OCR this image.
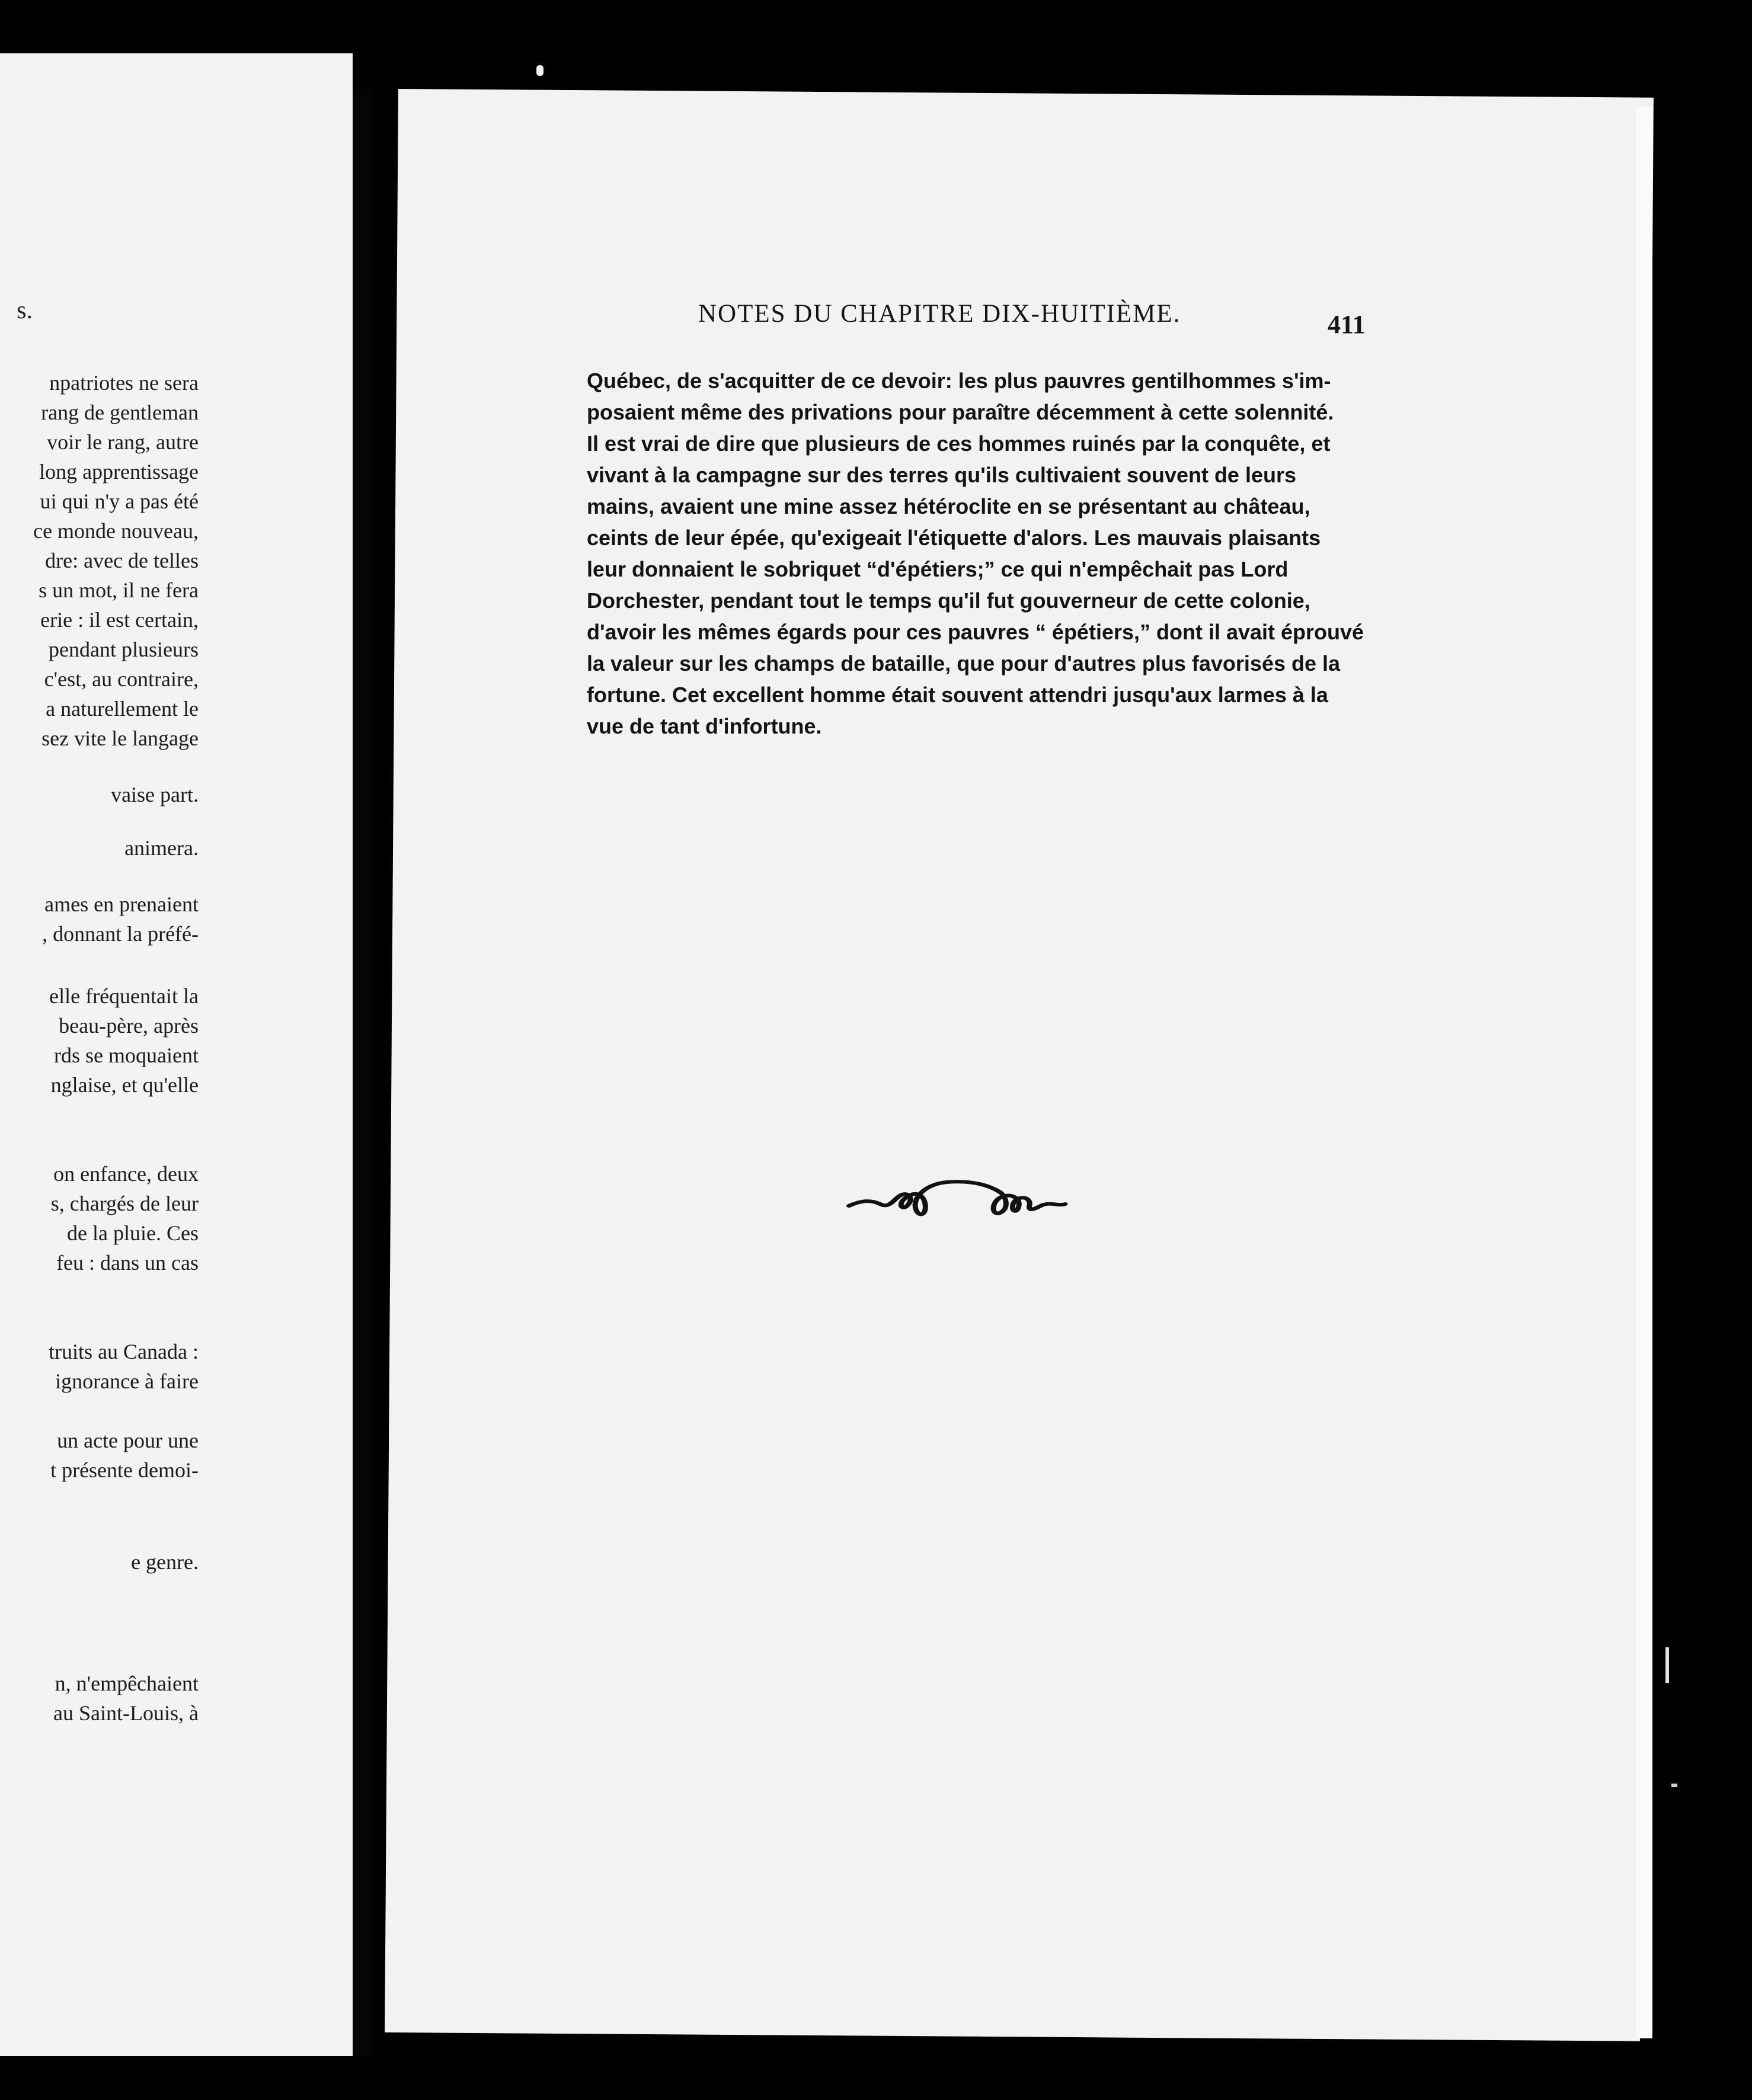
s.
npatriotes ne sera
rang de gentleman
voir le rang, autre
long apprentissage
ui qui n'y a pas été
ce monde nouveau,
dre: avec de telles
s un mot, il ne fera
erie : il est certain,
pendant plusieurs
c'est, au contraire,
a naturellement le
sez vite le langage
vaise part.
animera.
ames en prenaient
, donnant la préfé-
elle fréquentait la
beau-père, après
rds se moquaient
nglaise, et qu'elle
on enfance, deux
s, chargés de leur
de la pluie. Ces
feu : dans un cas
truits au Canada :
ignorance à faire
un acte pour une
t présente demoi-
e genre.
n, n'empêchaient
au Saint-Louis, à
NOTES DU CHAPITRE DIX-HUITIÈME.	411
Québec, de s'acquitter de ce devoir: les plus pauvres gentilhommes s'im-
posaient même des privations pour paraître décemment à cette solennité.
Il est vrai de dire que plusieurs de ces hommes ruinés par la conquête, et
vivant à la campagne sur des terres qu'ils cultivaient souvent de leurs
mains, avaient une mine assez hétéroclite en se présentant au château,
ceints de leur épée, qu'exigeait l'étiquette d'alors. Les mauvais plaisants
leur donnaient le sobriquet “d'épétiers;” ce qui n'empêchait pas Lord
Dorchester, pendant tout le temps qu'il fut gouverneur de cette colonie,
d'avoir les mêmes égards pour ces pauvres “ épétiers,” dont il avait éprouvé
la valeur sur les champs de bataille, que pour d'autres plus favorisés de la
fortune. Cet excellent homme était souvent attendri jusqu'aux larmes à la
vue de tant d'infortune.
